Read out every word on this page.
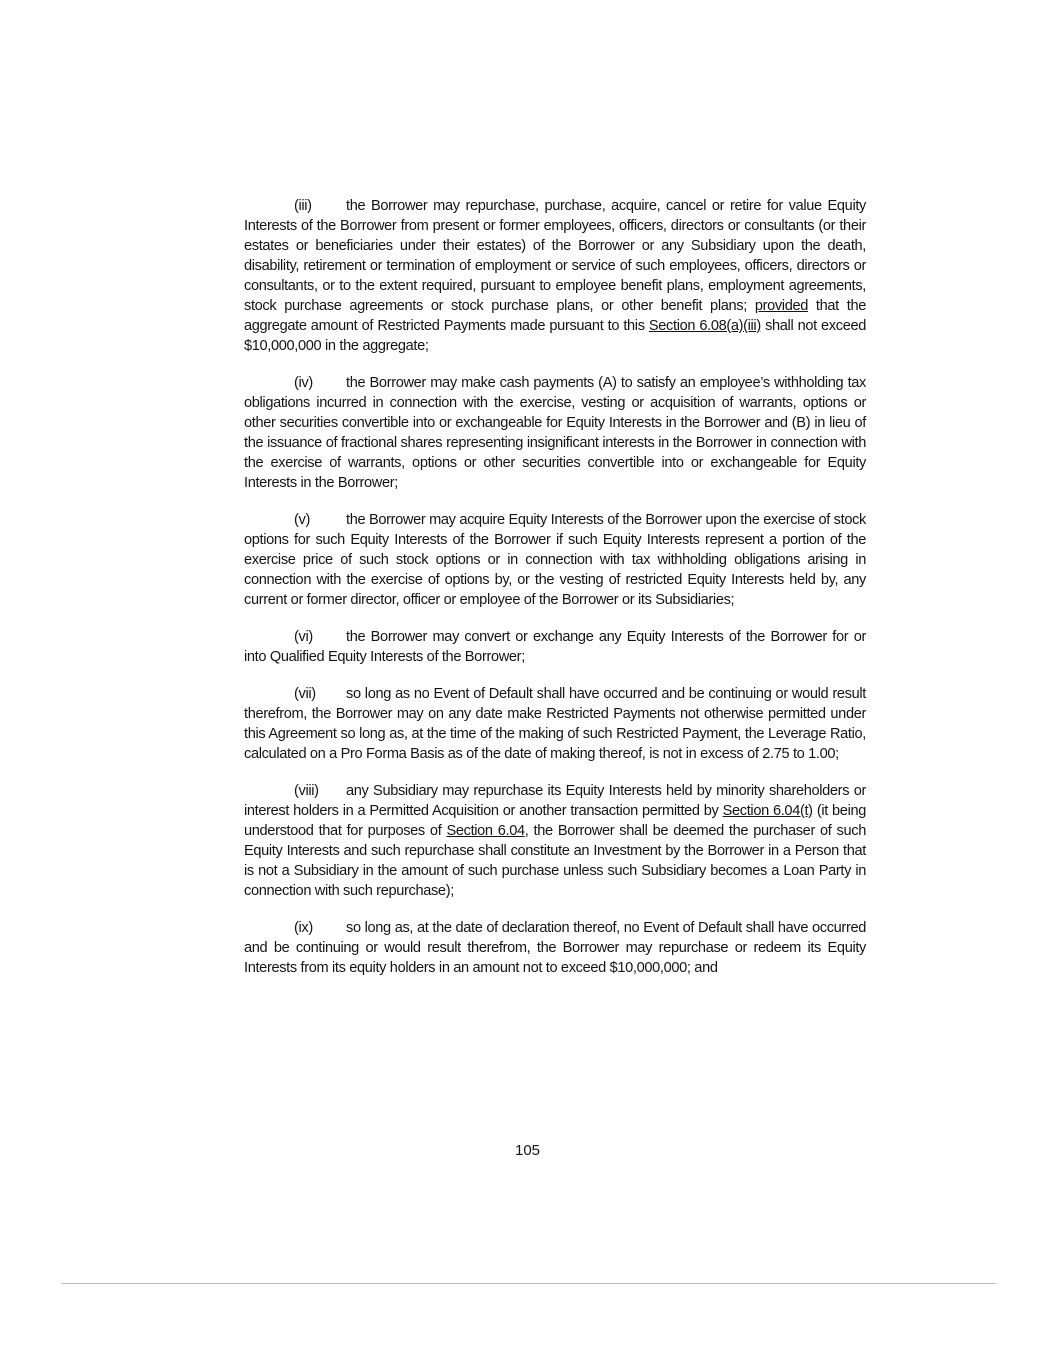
(iii) the Borrower may repurchase, purchase, acquire, cancel or retire for value Equity Interests of the Borrower from present or former employees, officers, directors or consultants (or their estates or beneficiaries under their estates) of the Borrower or any Subsidiary upon the death, disability, retirement or termination of employment or service of such employees, officers, directors or consultants, or to the extent required, pursuant to employee benefit plans, employment agreements, stock purchase agreements or stock purchase plans, or other benefit plans; provided that the aggregate amount of Restricted Payments made pursuant to this Section 6.08(a)(iii) shall not exceed $10,000,000 in the aggregate;

(iv) the Borrower may make cash payments (A) to satisfy an employee’s withholding tax obligations incurred in connection with the exercise, vesting or acquisition of warrants, options or other securities convertible into or exchangeable for Equity Interests in the Borrower and (B) in lieu of the issuance of fractional shares representing insignificant interests in the Borrower in connection with the exercise of warrants, options or other securities convertible into or exchangeable for Equity Interests in the Borrower;

(v) the Borrower may acquire Equity Interests of the Borrower upon the exercise of stock options for such Equity Interests of the Borrower if such Equity Interests represent a portion of the exercise price of such stock options or in connection with tax withholding obligations arising in connection with the exercise of options by, or the vesting of restricted Equity Interests held by, any current or former director, officer or employee of the Borrower or its Subsidiaries;

(vi) the Borrower may convert or exchange any Equity Interests of the Borrower for or into Qualified Equity Interests of the Borrower;

(vii) so long as no Event of Default shall have occurred and be continuing or would result therefrom, the Borrower may on any date make Restricted Payments not otherwise permitted under this Agreement so long as, at the time of the making of such Restricted Payment, the Leverage Ratio, calculated on a Pro Forma Basis as of the date of making thereof, is not in excess of 2.75 to 1.00;

(viii) any Subsidiary may repurchase its Equity Interests held by minority shareholders or interest holders in a Permitted Acquisition or another transaction permitted by Section 6.04(t) (it being understood that for purposes of Section 6.04, the Borrower shall be deemed the purchaser of such Equity Interests and such repurchase shall constitute an Investment by the Borrower in a Person that is not a Subsidiary in the amount of such purchase unless such Subsidiary becomes a Loan Party in connection with such repurchase);

(ix) so long as, at the date of declaration thereof, no Event of Default shall have occurred and be continuing or would result therefrom, the Borrower may repurchase or redeem its Equity Interests from its equity holders in an amount not to exceed $10,000,000; and

105
